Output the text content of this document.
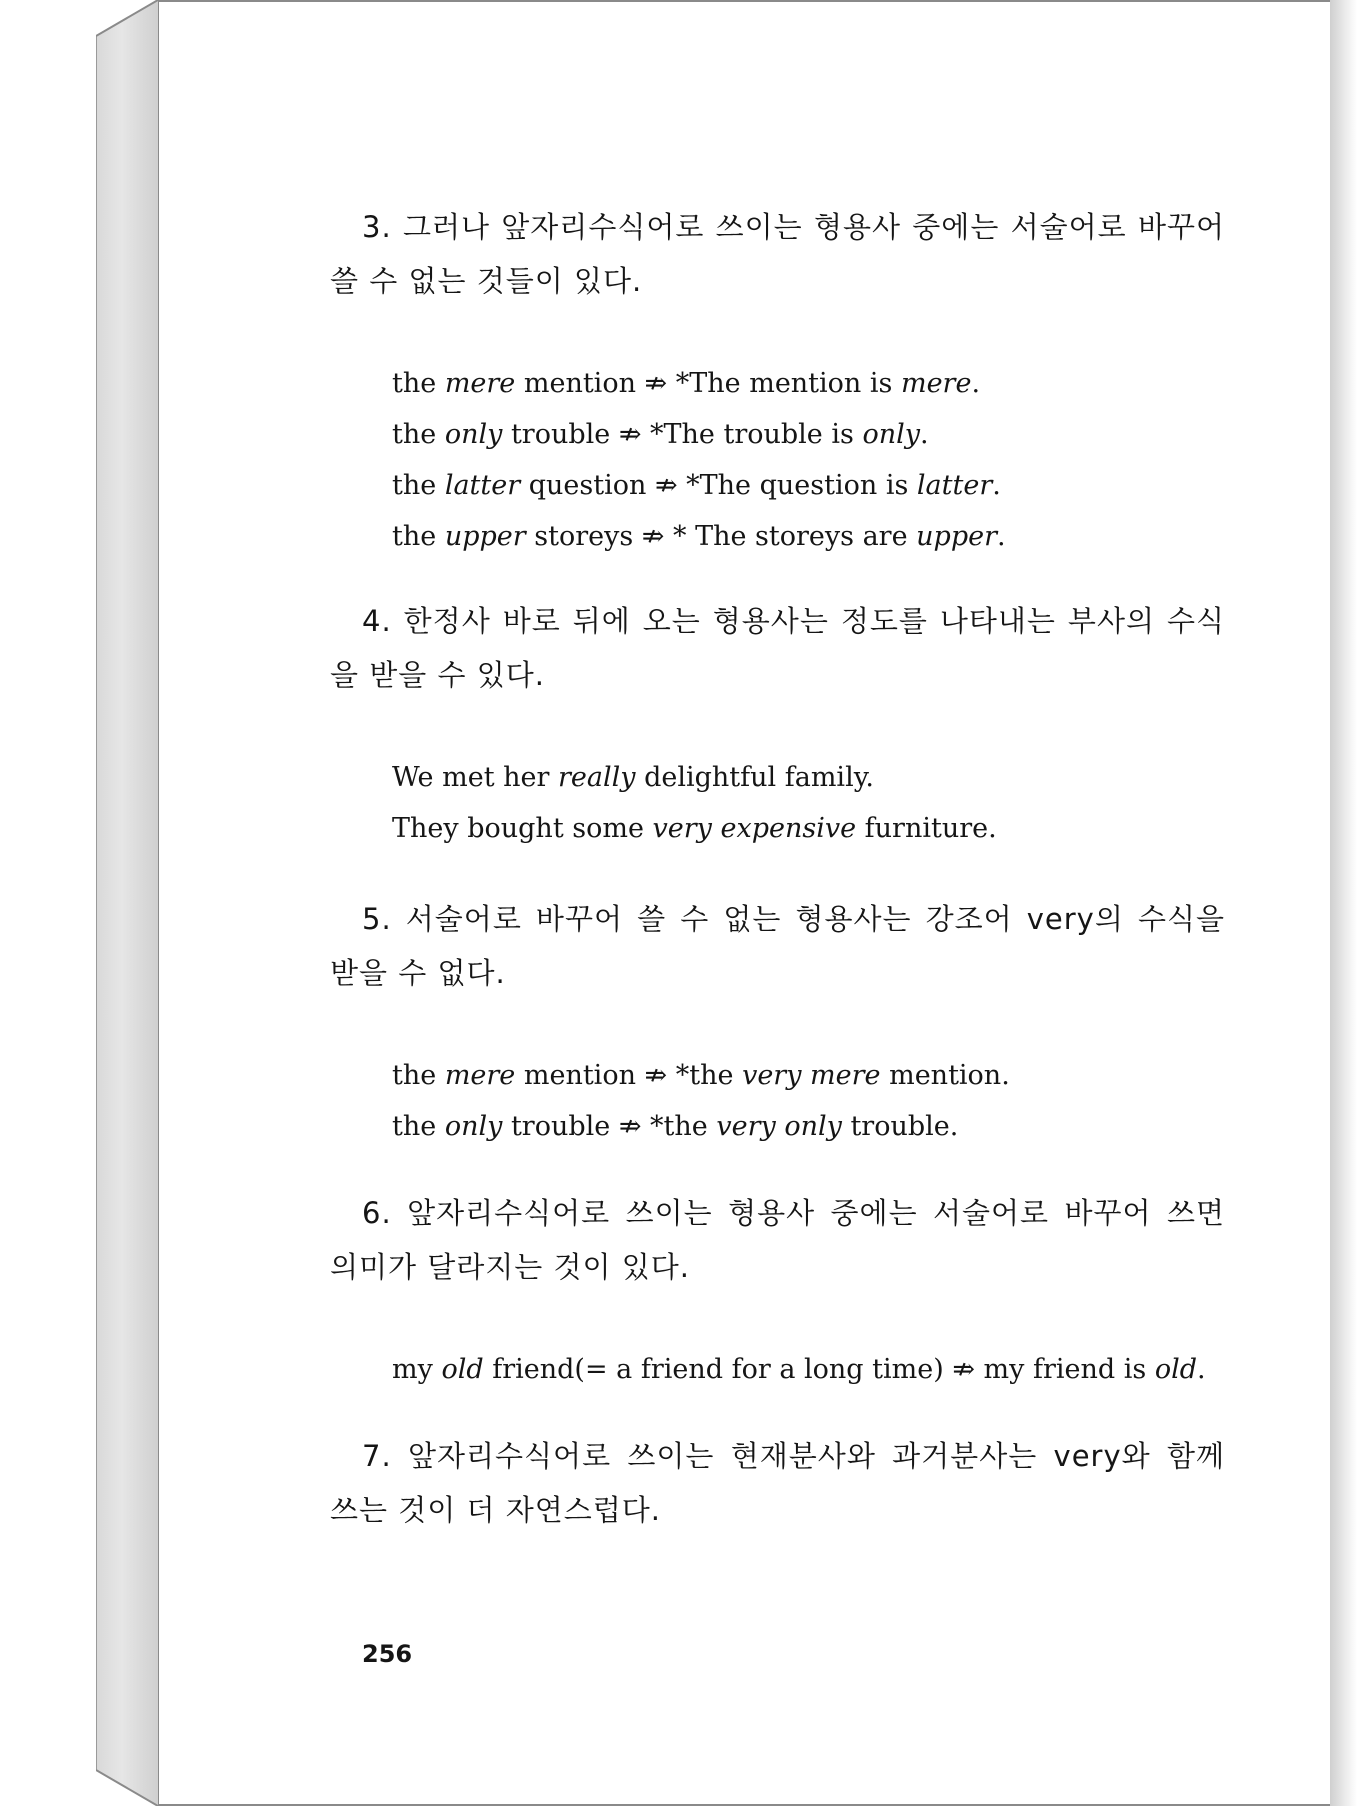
3. 그러나 앞자리수식어로 쓰이는 형용사 중에는 서술어로 바꾸어 쓸 수 없는 것들이 있다.

the mere mention ⇏ *The mention is mere.
the only trouble ⇏ *The trouble is only.
the latter question ⇏ *The question is latter.
the upper storeys ⇏ * The storeys are upper.

4. 한정사 바로 뒤에 오는 형용사는 정도를 나타내는 부사의 수식을 받을 수 있다.

We met her really delightful family.
They bought some very expensive furniture.

5. 서술어로 바꾸어 쓸 수 없는 형용사는 강조어 very의 수식을 받을 수 없다.

the mere mention ⇏ *the very mere mention.
the only trouble ⇏ *the very only trouble.

6. 앞자리수식어로 쓰이는 형용사 중에는 서술어로 바꾸어 쓰면 의미가 달라지는 것이 있다.

my old friend(= a friend for a long time) ⇏ my friend is old.

7. 앞자리수식어로 쓰이는 현재분사와 과거분사는 very와 함께 쓰는 것이 더 자연스럽다.

256
